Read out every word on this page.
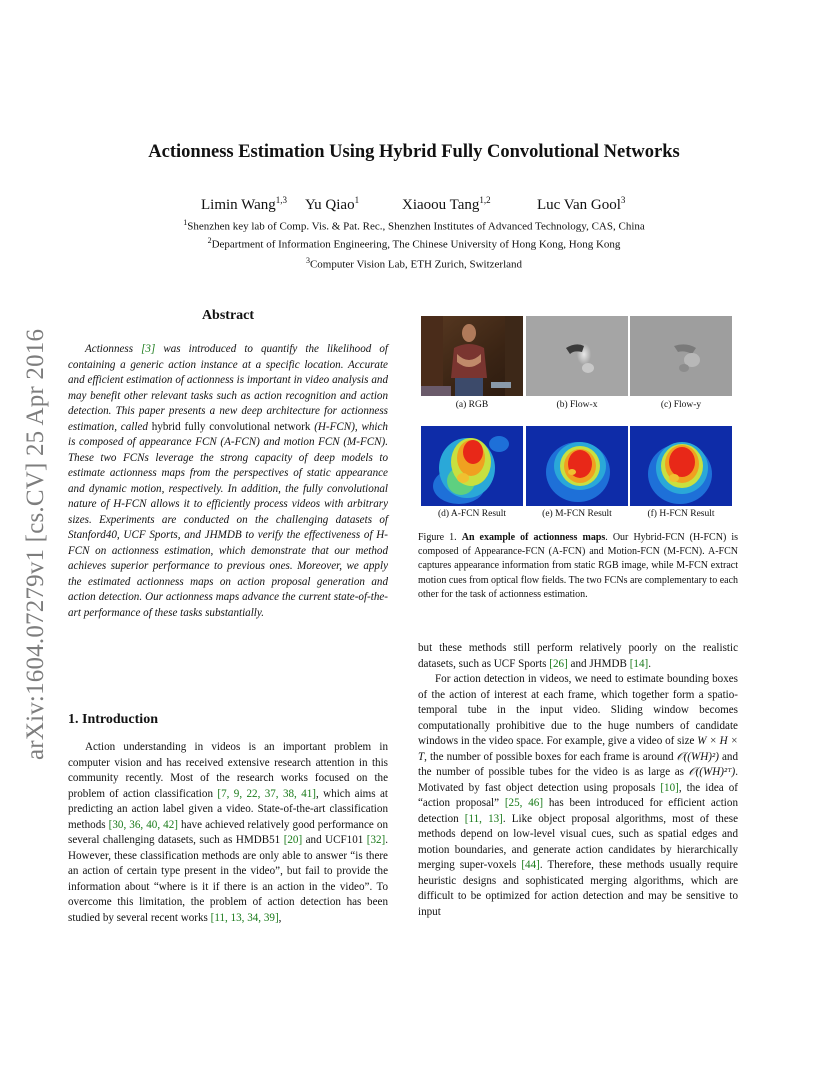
arXiv:1604.07279v1 [cs.CV] 25 Apr 2016
Actionness Estimation Using Hybrid Fully Convolutional Networks
Limin Wang$^{1,3}$ Yu Qiao$^1$	Xiaoou Tang$^{1,2}$	Luc Van Gool$^3$
$^1$Shenzhen key lab of Comp. Vis. & Pat. Rec., Shenzhen Institutes of Advanced Technology, CAS, China
$^2$Department of Information Engineering, The Chinese University of Hong Kong, Hong Kong
$^3$Computer Vision Lab, ETH Zurich, Switzerland
Abstract

Actionness [3] was introduced to quantify the likelihood of containing a generic action instance at a specific location. Accurate and efficient estimation of actionness is important in video analysis and may benefit other relevant tasks such as action recognition and action detection. This paper presents a new deep architecture for actionness estimation, called hybrid fully convolutional network (H-FCN), which is composed of appearance FCN (A-FCN) and motion FCN (M-FCN). These two FCNs leverage the strong capacity of deep models to estimate actionness maps from the perspectives of static appearance and dynamic motion, respectively. In addition, the fully convolutional nature of H-FCN allows it to efficiently process videos with arbitrary sizes. Experiments are conducted on the challenging datasets of Stanford40, UCF Sports, and JHMDB to verify the effectiveness of H-FCN on actionness estimation, which demonstrate that our method achieves superior performance to previous ones. Moreover, we apply the estimated actionness maps on action proposal generation and action detection. Our actionness maps advance the current state-of-the-art performance of these tasks substantially.

1. Introduction

Action understanding in videos is an important problem in computer vision and has received extensive research attention in this community recently. Most of the research works focused on the problem of action classification [7, 9, 22, 37, 38, 41], which aims at predicting an action label given a video. State-of-the-art classification methods [30, 36, 40, 42] have achieved relatively good performance on several challenging datasets, such as HMDB51 [20] and UCF101 [32]. However, these classification methods are only able to answer “is there an action of certain type present in the video”, but fail to provide the information about “where is it if there is an action in the video”. To overcome this limitation, the problem of action detection has been studied by several recent works [11, 13, 34, 39],

(a) RGB	(b) Flow-x	(c) Flow-y
(d) A-FCN Result	(e) M-FCN Result	(f) H-FCN Result
Figure 1. An example of actionness maps. Our Hybrid-FCN (H-FCN) is composed of Appearance-FCN (A-FCN) and Motion-FCN (M-FCN). A-FCN captures appearance information from static RGB image, while M-FCN extract motion cues from optical flow fields. The two FCNs are complementary to each other for the task of actionness estimation.

but these methods still perform relatively poorly on the realistic datasets, such as UCF Sports [26] and JHMDB [14].

For action detection in videos, we need to estimate bounding boxes of the action of interest at each frame, which together form a spatio-temporal tube in the input video. Sliding window becomes computationally prohibitive due to the huge numbers of candidate windows in the video space. For example, give a video of size W × H × T, the number of possible boxes for each frame is around 𝒪((WH)²) and the number of possible tubes for the video is as large as 𝒪((WH)²ᵀ). Motivated by fast object detection using proposals [10], the idea of “action proposal” [25, 46] has been introduced for efficient action detection [11, 13]. Like object proposal algorithms, most of these methods depend on low-level visual cues, such as spatial edges and motion boundaries, and generate action candidates by hierarchically merging super-voxels [44]. Therefore, these methods usually require heuristic designs and sophisticated merging algorithms, which are difficult to be optimized for action detection and may be sensitive to input
